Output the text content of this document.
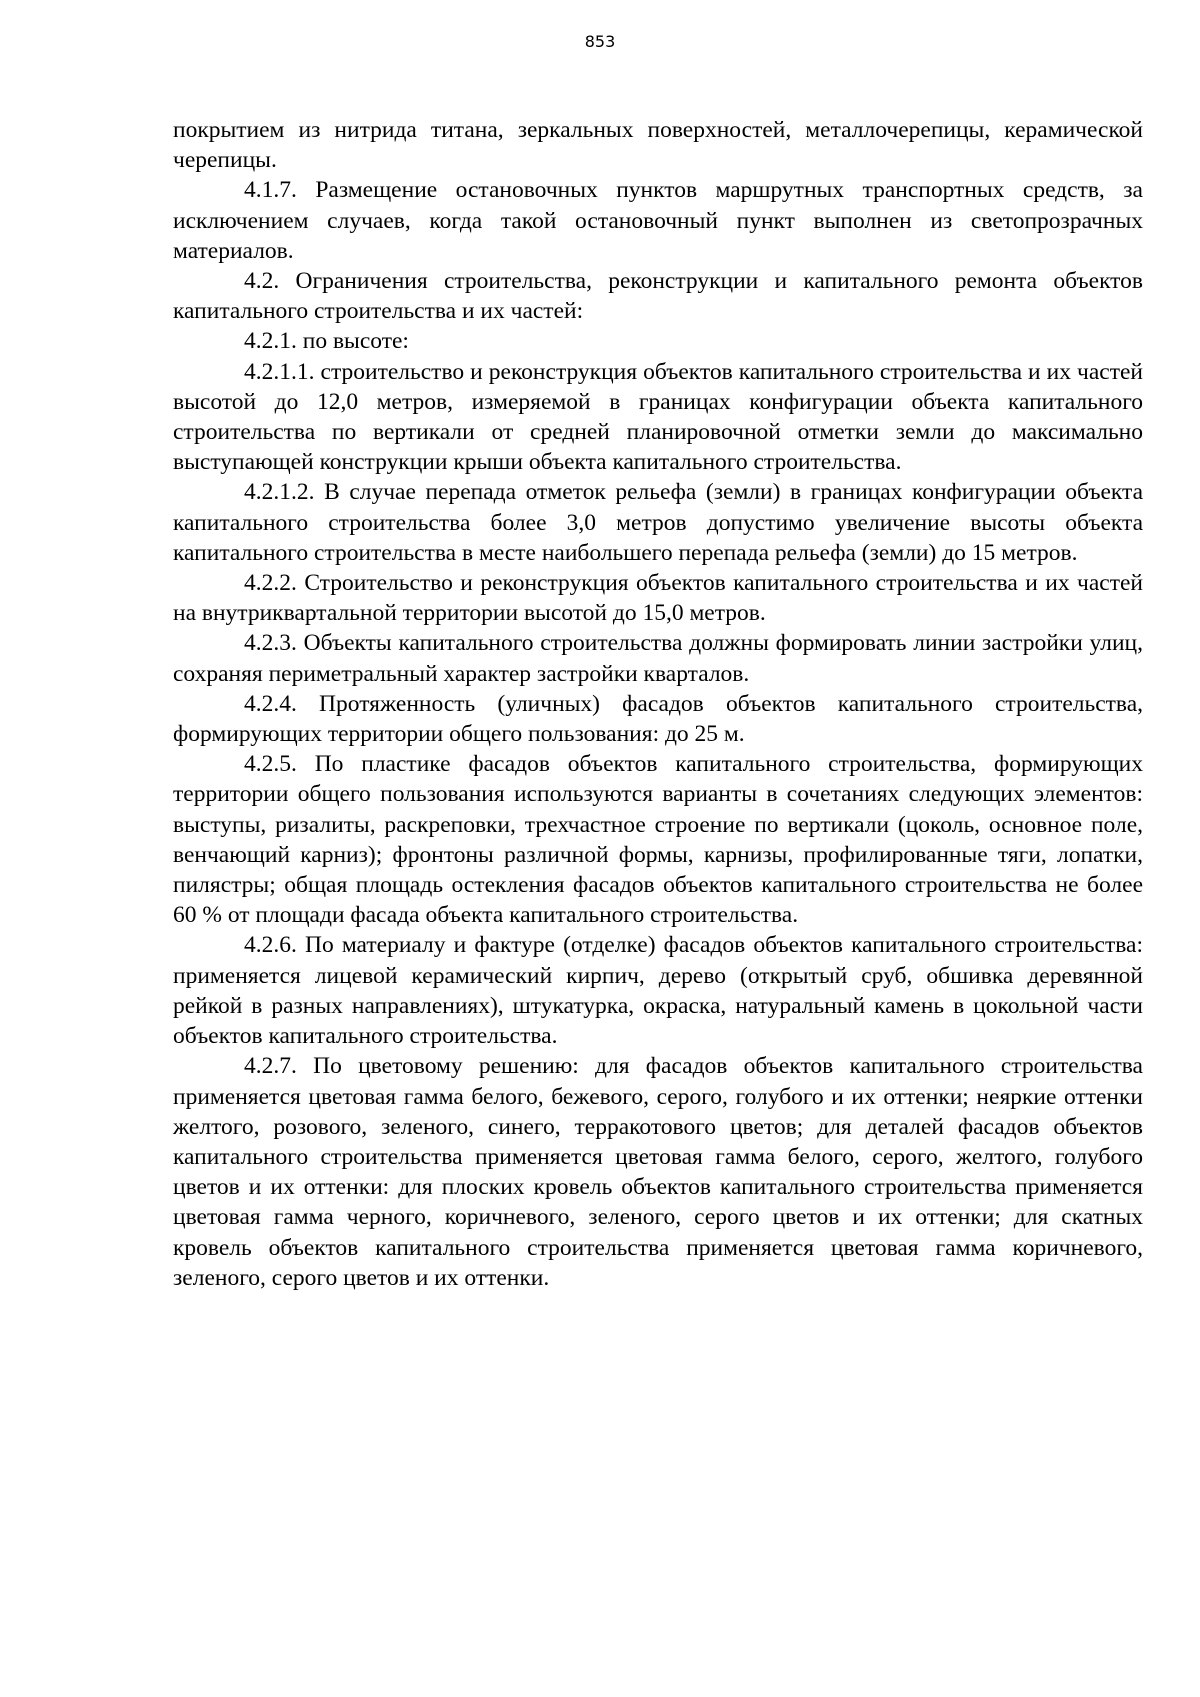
853

покрытием из нитрида титана, зеркальных поверхностей, металлочерепицы, керамической черепицы.

4.1.7. Размещение остановочных пунктов маршрутных транспортных средств, за исключением случаев, когда такой остановочный пункт выполнен из светопрозрачных материалов.

4.2. Ограничения строительства, реконструкции и капитального ремонта объектов капитального строительства и их частей:

4.2.1. по высоте:

4.2.1.1. строительство и реконструкция объектов капитального строительства и их частей высотой до 12,0 метров, измеряемой в границах конфигурации объекта капитального строительства по вертикали от средней планировочной отметки земли до максимально выступающей конструкции крыши объекта капитального строительства.

4.2.1.2. В случае перепада отметок рельефа (земли) в границах конфигурации объекта капитального строительства более 3,0 метров допустимо увеличение высоты объекта капитального строительства в месте наибольшего перепада рельефа (земли) до 15 метров.

4.2.2. Строительство и реконструкция объектов капитального строительства и их частей на внутриквартальной территории высотой до 15,0 метров.

4.2.3. Объекты капитального строительства должны формировать линии застройки улиц, сохраняя периметральный характер застройки кварталов.

4.2.4. Протяженность (уличных) фасадов объектов капитального строительства, формирующих территории общего пользования: до 25 м.

4.2.5. По пластике фасадов объектов капитального строительства, формирующих территории общего пользования используются варианты в сочетаниях следующих элементов: выступы, ризалиты, раскреповки, трехчастное строение по вертикали (цоколь, основное поле, венчающий карниз); фронтоны различной формы, карнизы, профилированные тяги, лопатки, пилястры; общая площадь остекления фасадов объектов капитального строительства не более 60 % от площади фасада объекта капитального строительства.

4.2.6. По материалу и фактуре (отделке) фасадов объектов капитального строительства: применяется лицевой керамический кирпич, дерево (открытый сруб, обшивка деревянной рейкой в разных направлениях), штукатурка, окраска, натуральный камень в цокольной части объектов капитального строительства.

4.2.7. По цветовому решению: для фасадов объектов капитального строительства применяется цветовая гамма белого, бежевого, серого, голубого и их оттенки; неяркие оттенки желтого, розового, зеленого, синего, терракотового цветов; для деталей фасадов объектов капитального строительства применяется цветовая гамма белого, серого, желтого, голубого цветов и их оттенки: для плоских кровель объектов капитального строительства применяется цветовая гамма черного, коричневого, зеленого, серого цветов и их оттенки; для скатных кровель объектов капитального строительства применяется цветовая гамма коричневого, зеленого, серого цветов и их оттенки.
